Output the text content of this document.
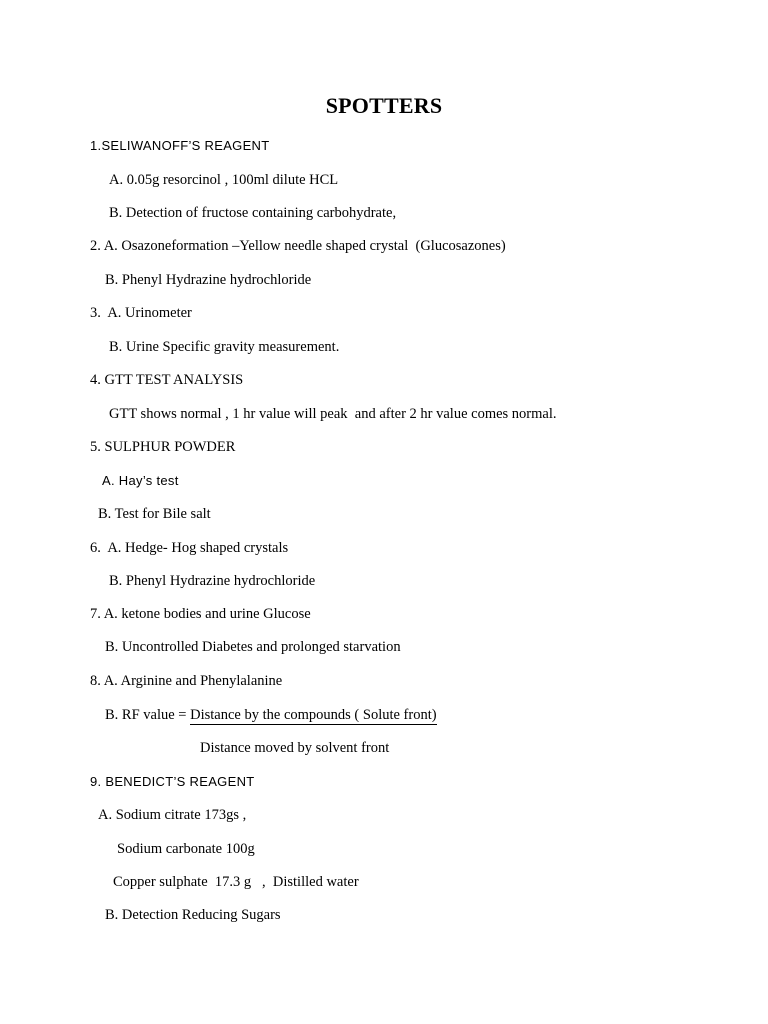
SPOTTERS
1.SELIWANOFF’S REAGENT
A. 0.05g resorcinol , 100ml dilute HCL
B. Detection of fructose containing carbohydrate,
2. A. Osazoneformation –Yellow needle shaped crystal  (Glucosazones)
B. Phenyl Hydrazine hydrochloride
3.  A. Urinometer
B. Urine Specific gravity measurement.
4. GTT TEST ANALYSIS
GTT shows normal , 1 hr value will peak  and after 2 hr value comes normal.
5. SULPHUR POWDER
A. Hay’s test
B. Test for Bile salt
6.  A. Hedge- Hog shaped crystals
B. Phenyl Hydrazine hydrochloride
7. A. ketone bodies and urine Glucose
B. Uncontrolled Diabetes and prolonged starvation
8. A. Arginine and Phenylalanine
B. RF value = Distance by the compounds ( Solute front)
Distance moved by solvent front
9. BENEDICT’S REAGENT
A. Sodium citrate 173gs ,
Sodium carbonate 100g
Copper sulphate  17.3 g   ,  Distilled water
B. Detection Reducing Sugars
